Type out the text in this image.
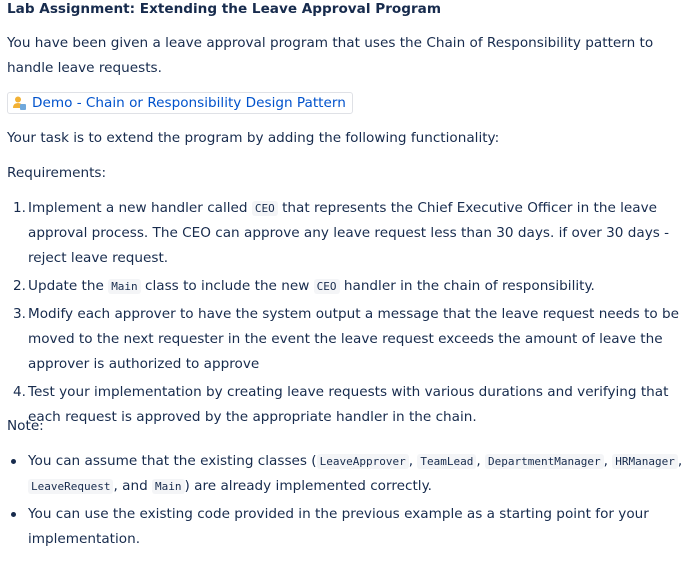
Lab Assignment: Extending the Leave Approval Program
You have been given a leave approval program that uses the Chain of Responsibility pattern to handle leave requests.
Demo - Chain or Responsibility Design Pattern
Your task is to extend the program by adding the following functionality:
Requirements:
1. Implement a new handler called CEO that represents the Chief Executive Officer in the leave approval process. The CEO can approve any leave request less than 30 days. if over 30 days - reject leave request.
2. Update the Main class to include the new CEO handler in the chain of responsibility.
3. Modify each approver to have the system output a message that the leave request needs to be moved to the next requester in the event the leave request exceeds the amount of leave the approver is authorized to approve
4. Test your implementation by creating leave requests with various durations and verifying that each request is approved by the appropriate handler in the chain.
Note:
You can assume that the existing classes ( LeaveApprover , TeamLead , DepartmentManager , HRManager , LeaveRequest , and Main ) are already implemented correctly.
You can use the existing code provided in the previous example as a starting point for your implementation.
